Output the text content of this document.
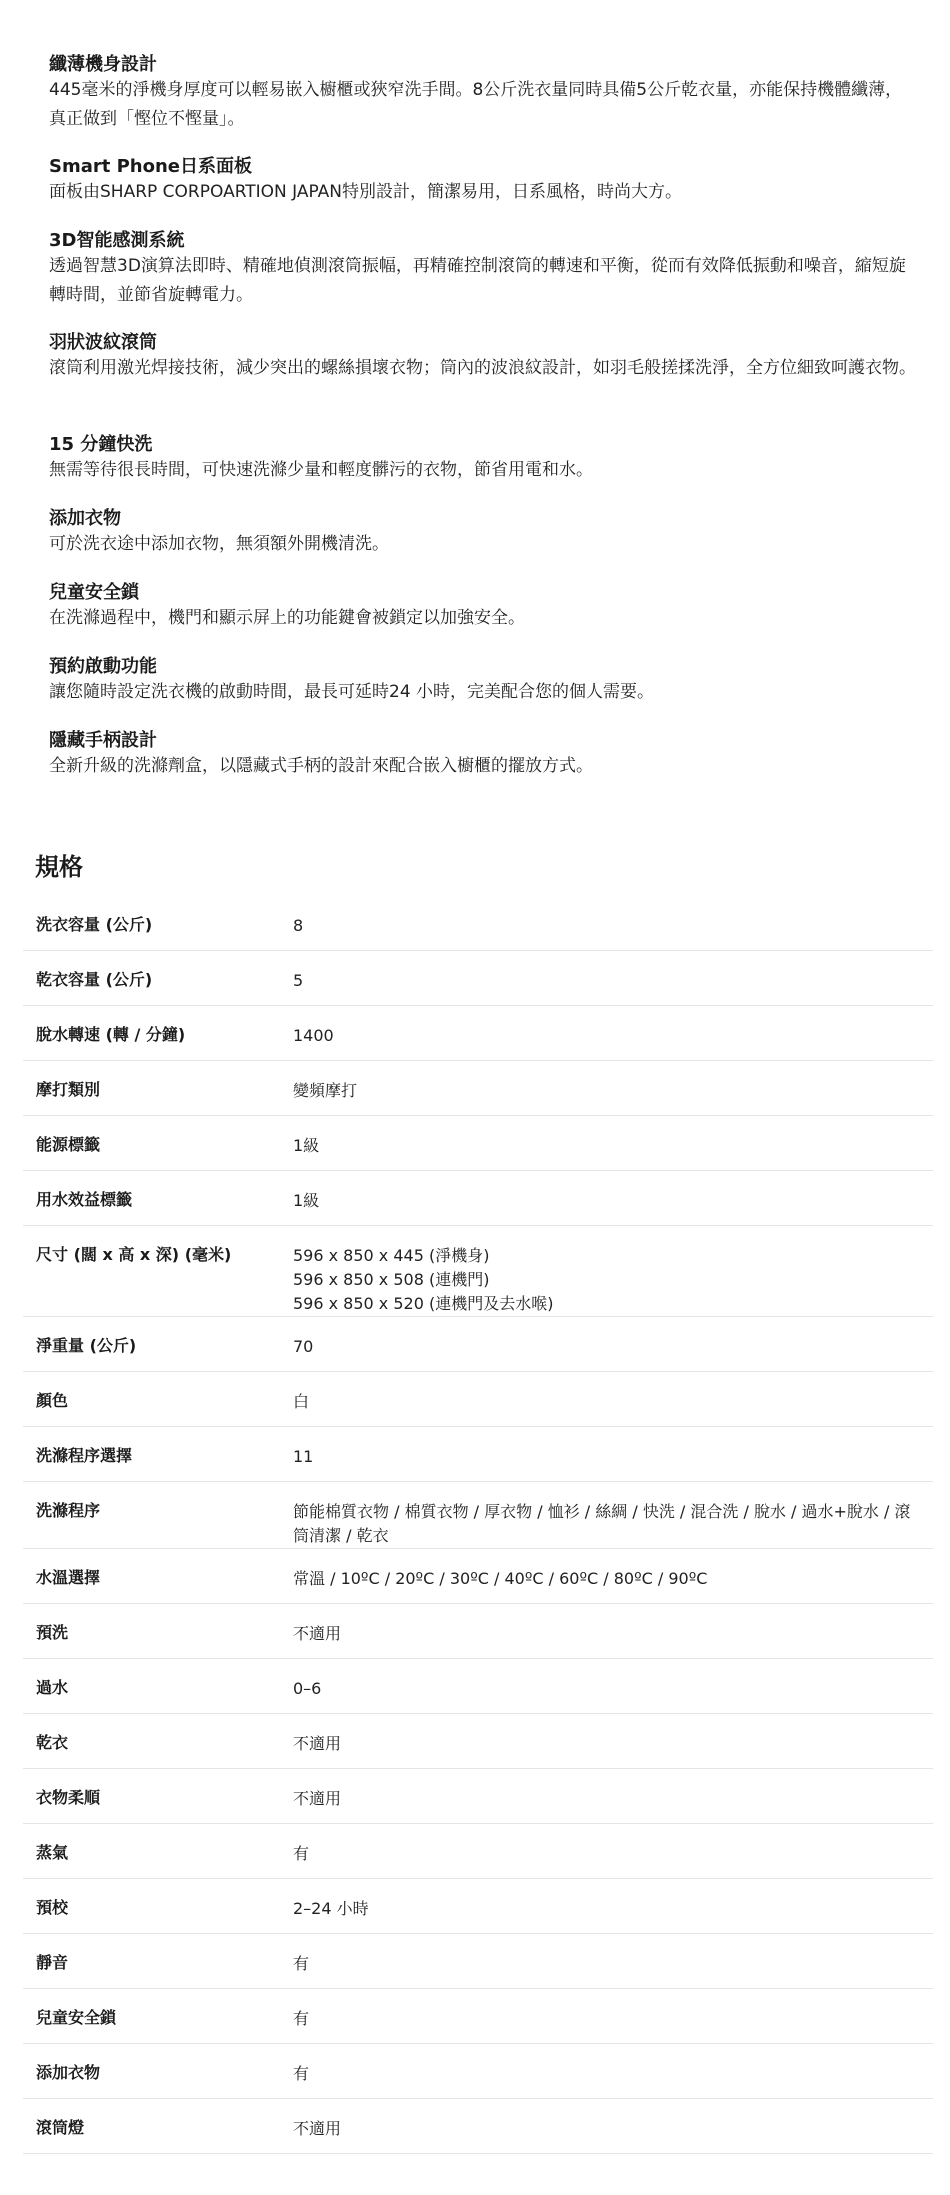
纖薄機身設計

445毫米的淨機身厚度可以輕易嵌入櫥櫃或狹窄洗手間。8公斤洗衣量同時具備5公斤乾衣量，亦能保持機體纖薄，真正做到「慳位不慳量」。

Smart Phone日系面板

面板由SHARP CORPOARTION JAPAN特別設計，簡潔易用，日系風格，時尚大方。

3D智能感測系統

透過智慧3D演算法即時、精確地偵測滾筒振幅，再精確控制滾筒的轉速和平衡，從而有效降低振動和噪音，縮短旋轉時間，並節省旋轉電力。

羽狀波紋滾筒

滾筒利用激光焊接技術，減少突出的螺絲損壞衣物；筒內的波浪紋設計，如羽毛般搓揉洗淨，全方位細致呵護衣物。

15 分鐘快洗

無需等待很長時間，可快速洗滌少量和輕度髒污的衣物，節省用電和水。

添加衣物

可於洗衣途中添加衣物，無須額外開機清洗。

兒童安全鎖

在洗滌過程中，機門和顯示屏上的功能鍵會被鎖定以加強安全。

預約啟動功能

讓您隨時設定洗衣機的啟動時間，最長可延時24 小時，完美配合您的個人需要。

隱藏手柄設計

全新升級的洗滌劑盒，以隱藏式手柄的設計來配合嵌入櫥櫃的擺放方式。

規格
洗衣容量 (公斤)	8
乾衣容量 (公斤)	5
脫水轉速 (轉 / 分鐘)	1400
摩打類別	變頻摩打
能源標籤	1級
用水效益標籤	1級
尺寸 (闊 x 高 x 深) (毫米)	596 x 850 x 445 (淨機身)
596 x 850 x 508 (連機門)
596 x 850 x 520 (連機門及去水喉)
淨重量 (公斤)	70
顏色	白
洗滌程序選擇	11
洗滌程序	節能棉質衣物 / 棉質衣物 / 厚衣物 / 恤衫 / 絲綢 / 快洗 / 混合洗 / 脫水 / 過水+脫水 / 滾筒清潔 / 乾衣
水溫選擇	常溫 / 10ºC / 20ºC / 30ºC / 40ºC / 60ºC / 80ºC / 90ºC
預洗	不適用
過水	0–6
乾衣	不適用
衣物柔順	不適用
蒸氣	有
預校	2–24 小時
靜音	有
兒童安全鎖	有
添加衣物	有
滾筒燈	不適用
